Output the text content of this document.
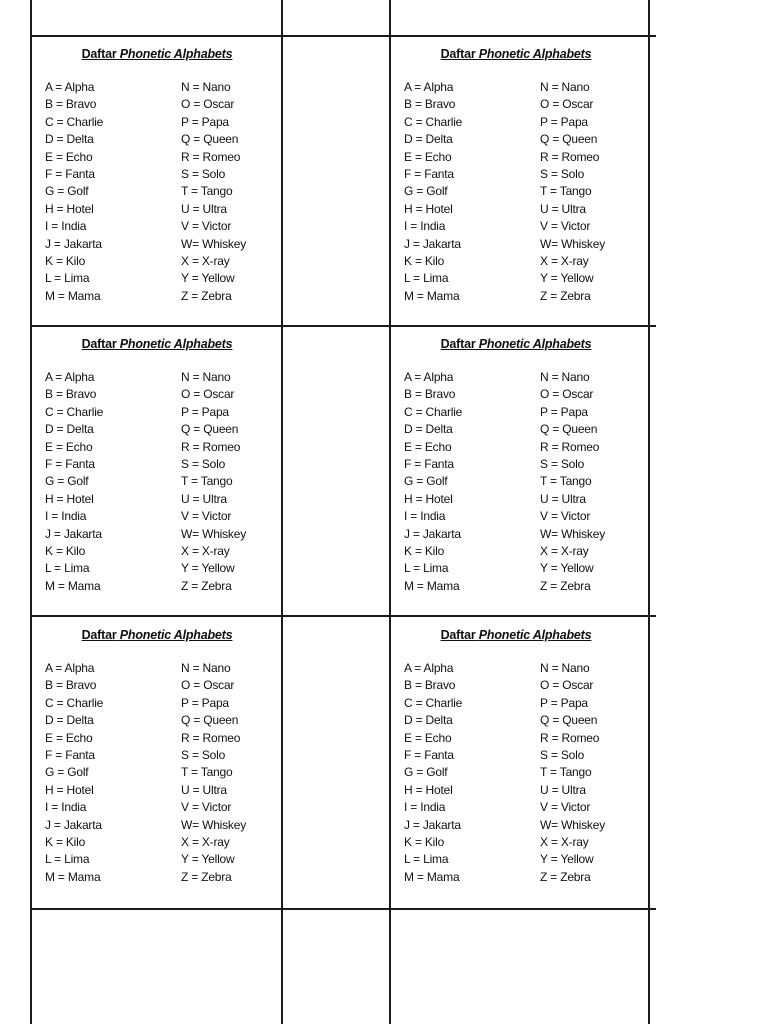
Daftar Phonetic Alphabets
A = Alpha
B = Bravo
C = Charlie
D = Delta
E = Echo
F = Fanta
G = Golf
H = Hotel
I = India
J = Jakarta
K = Kilo
L = Lima
M = Mama
N = Nano
O = Oscar
P = Papa
Q = Queen
R = Romeo
S = Solo
T = Tango
U = Ultra
V = Victor
W= Whiskey
X = X-ray
Y = Yellow
Z = Zebra
Daftar Phonetic Alphabets
A = Alpha
B = Bravo
C = Charlie
D = Delta
E = Echo
F = Fanta
G = Golf
H = Hotel
I = India
J = Jakarta
K = Kilo
L = Lima
M = Mama
N = Nano
O = Oscar
P = Papa
Q = Queen
R = Romeo
S = Solo
T = Tango
U = Ultra
V = Victor
W= Whiskey
X = X-ray
Y = Yellow
Z = Zebra
Daftar Phonetic Alphabets
A = Alpha
B = Bravo
C = Charlie
D = Delta
E = Echo
F = Fanta
G = Golf
H = Hotel
I = India
J = Jakarta
K = Kilo
L = Lima
M = Mama
N = Nano
O = Oscar
P = Papa
Q = Queen
R = Romeo
S = Solo
T = Tango
U = Ultra
V = Victor
W= Whiskey
X = X-ray
Y = Yellow
Z = Zebra
Daftar Phonetic Alphabets
A = Alpha
B = Bravo
C = Charlie
D = Delta
E = Echo
F = Fanta
G = Golf
H = Hotel
I = India
J = Jakarta
K = Kilo
L = Lima
M = Mama
N = Nano
O = Oscar
P = Papa
Q = Queen
R = Romeo
S = Solo
T = Tango
U = Ultra
V = Victor
W= Whiskey
X = X-ray
Y = Yellow
Z = Zebra
Daftar Phonetic Alphabets
A = Alpha
B = Bravo
C = Charlie
D = Delta
E = Echo
F = Fanta
G = Golf
H = Hotel
I = India
J = Jakarta
K = Kilo
L = Lima
M = Mama
N = Nano
O = Oscar
P = Papa
Q = Queen
R = Romeo
S = Solo
T = Tango
U = Ultra
V = Victor
W= Whiskey
X = X-ray
Y = Yellow
Z = Zebra
Daftar Phonetic Alphabets
A = Alpha
B = Bravo
C = Charlie
D = Delta
E = Echo
F = Fanta
G = Golf
H = Hotel
I = India
J = Jakarta
K = Kilo
L = Lima
M = Mama
N = Nano
O = Oscar
P = Papa
Q = Queen
R = Romeo
S = Solo
T = Tango
U = Ultra
V = Victor
W= Whiskey
X = X-ray
Y = Yellow
Z = Zebra
